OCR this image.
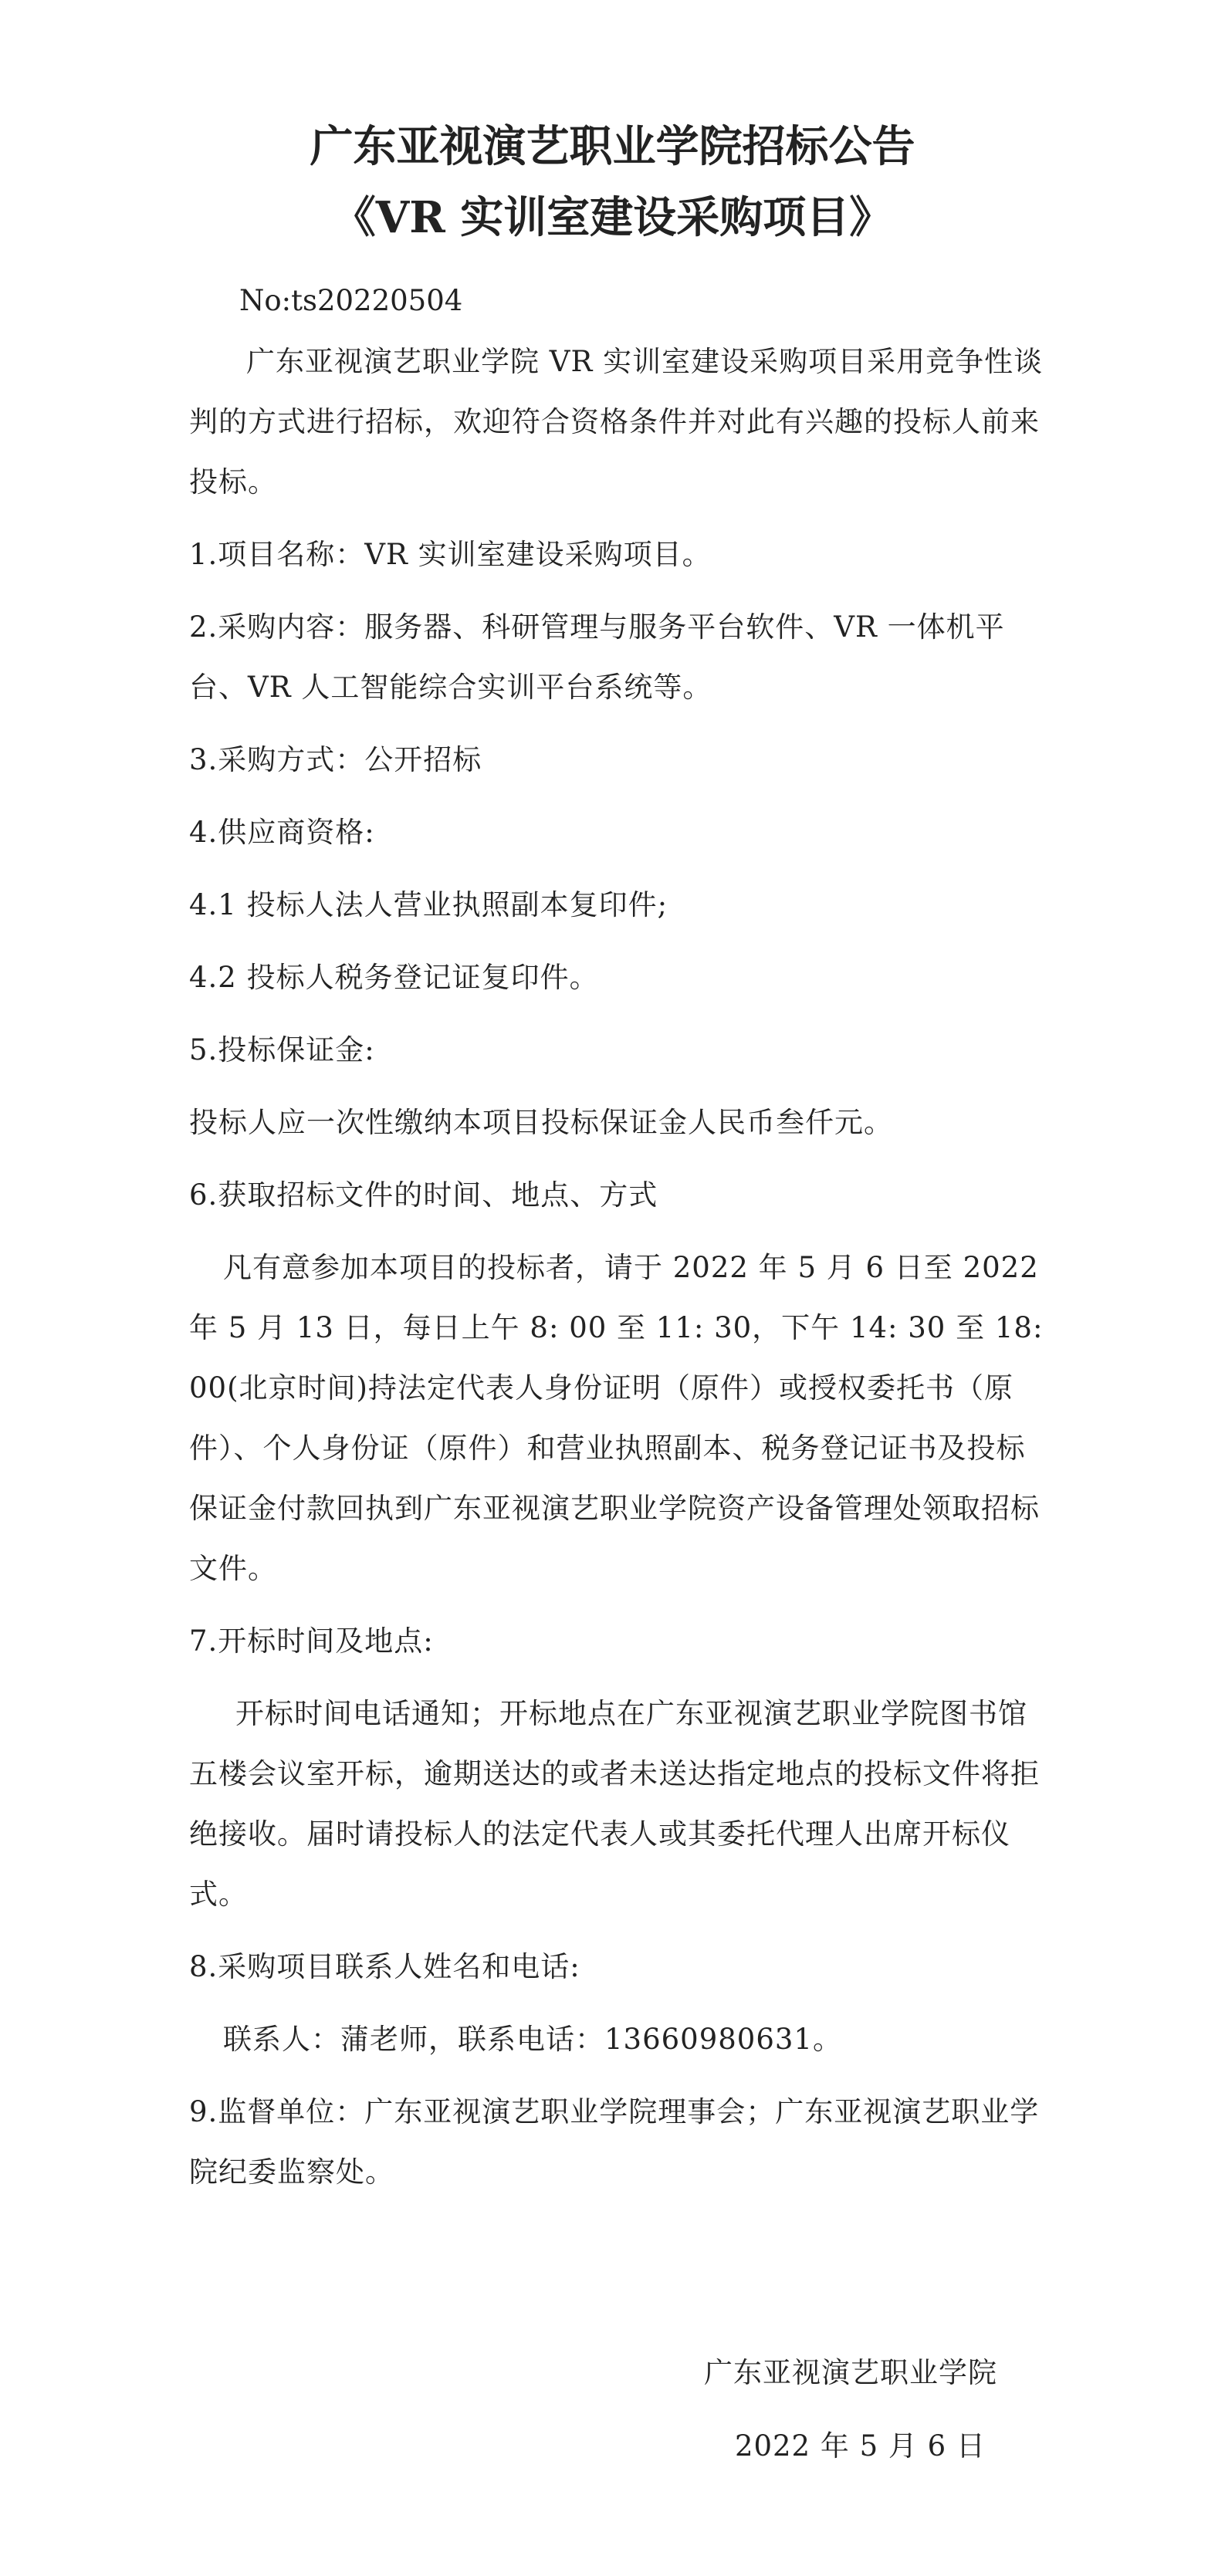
广东亚视演艺职业学院招标公告
《VR 实训室建设采购项目》
No:ts20220504

广东亚视演艺职业学院 VR 实训室建设采购项目采用竞争性谈判的方式进行招标，欢迎符合资格条件并对此有兴趣的投标人前来投标。

1.项目名称：VR 实训室建设采购项目。

2.采购内容：服务器、科研管理与服务平台软件、VR 一体机平台、VR 人工智能综合实训平台系统等。

3.采购方式：公开招标

4.供应商资格:

4.1 投标人法人营业执照副本复印件;

4.2 投标人税务登记证复印件。

5.投标保证金:

投标人应一次性缴纳本项目投标保证金人民币叁仟元。

6.获取招标文件的时间、地点、方式

凡有意参加本项目的投标者，请于 2022 年 5 月 6 日至 2022 年 5 月 13 日，每日上午 8: 00 至 11: 30，下午 14: 30 至 18: 00(北京时间)持法定代表人身份证明（原件）或授权委托书（原件）、个人身份证（原件）和营业执照副本、税务登记证书及投标保证金付款回执到广东亚视演艺职业学院资产设备管理处领取招标文件。

7.开标时间及地点:

开标时间电话通知；开标地点在广东亚视演艺职业学院图书馆五楼会议室开标，逾期送达的或者未送达指定地点的投标文件将拒绝接收。届时请投标人的法定代表人或其委托代理人出席开标仪式。

8.采购项目联系人姓名和电话:

联系人：蒲老师，联系电话：13660980631。

9.监督单位：广东亚视演艺职业学院理事会；广东亚视演艺职业学院纪委监察处。

广东亚视演艺职业学院
2022 年 5 月 6 日
